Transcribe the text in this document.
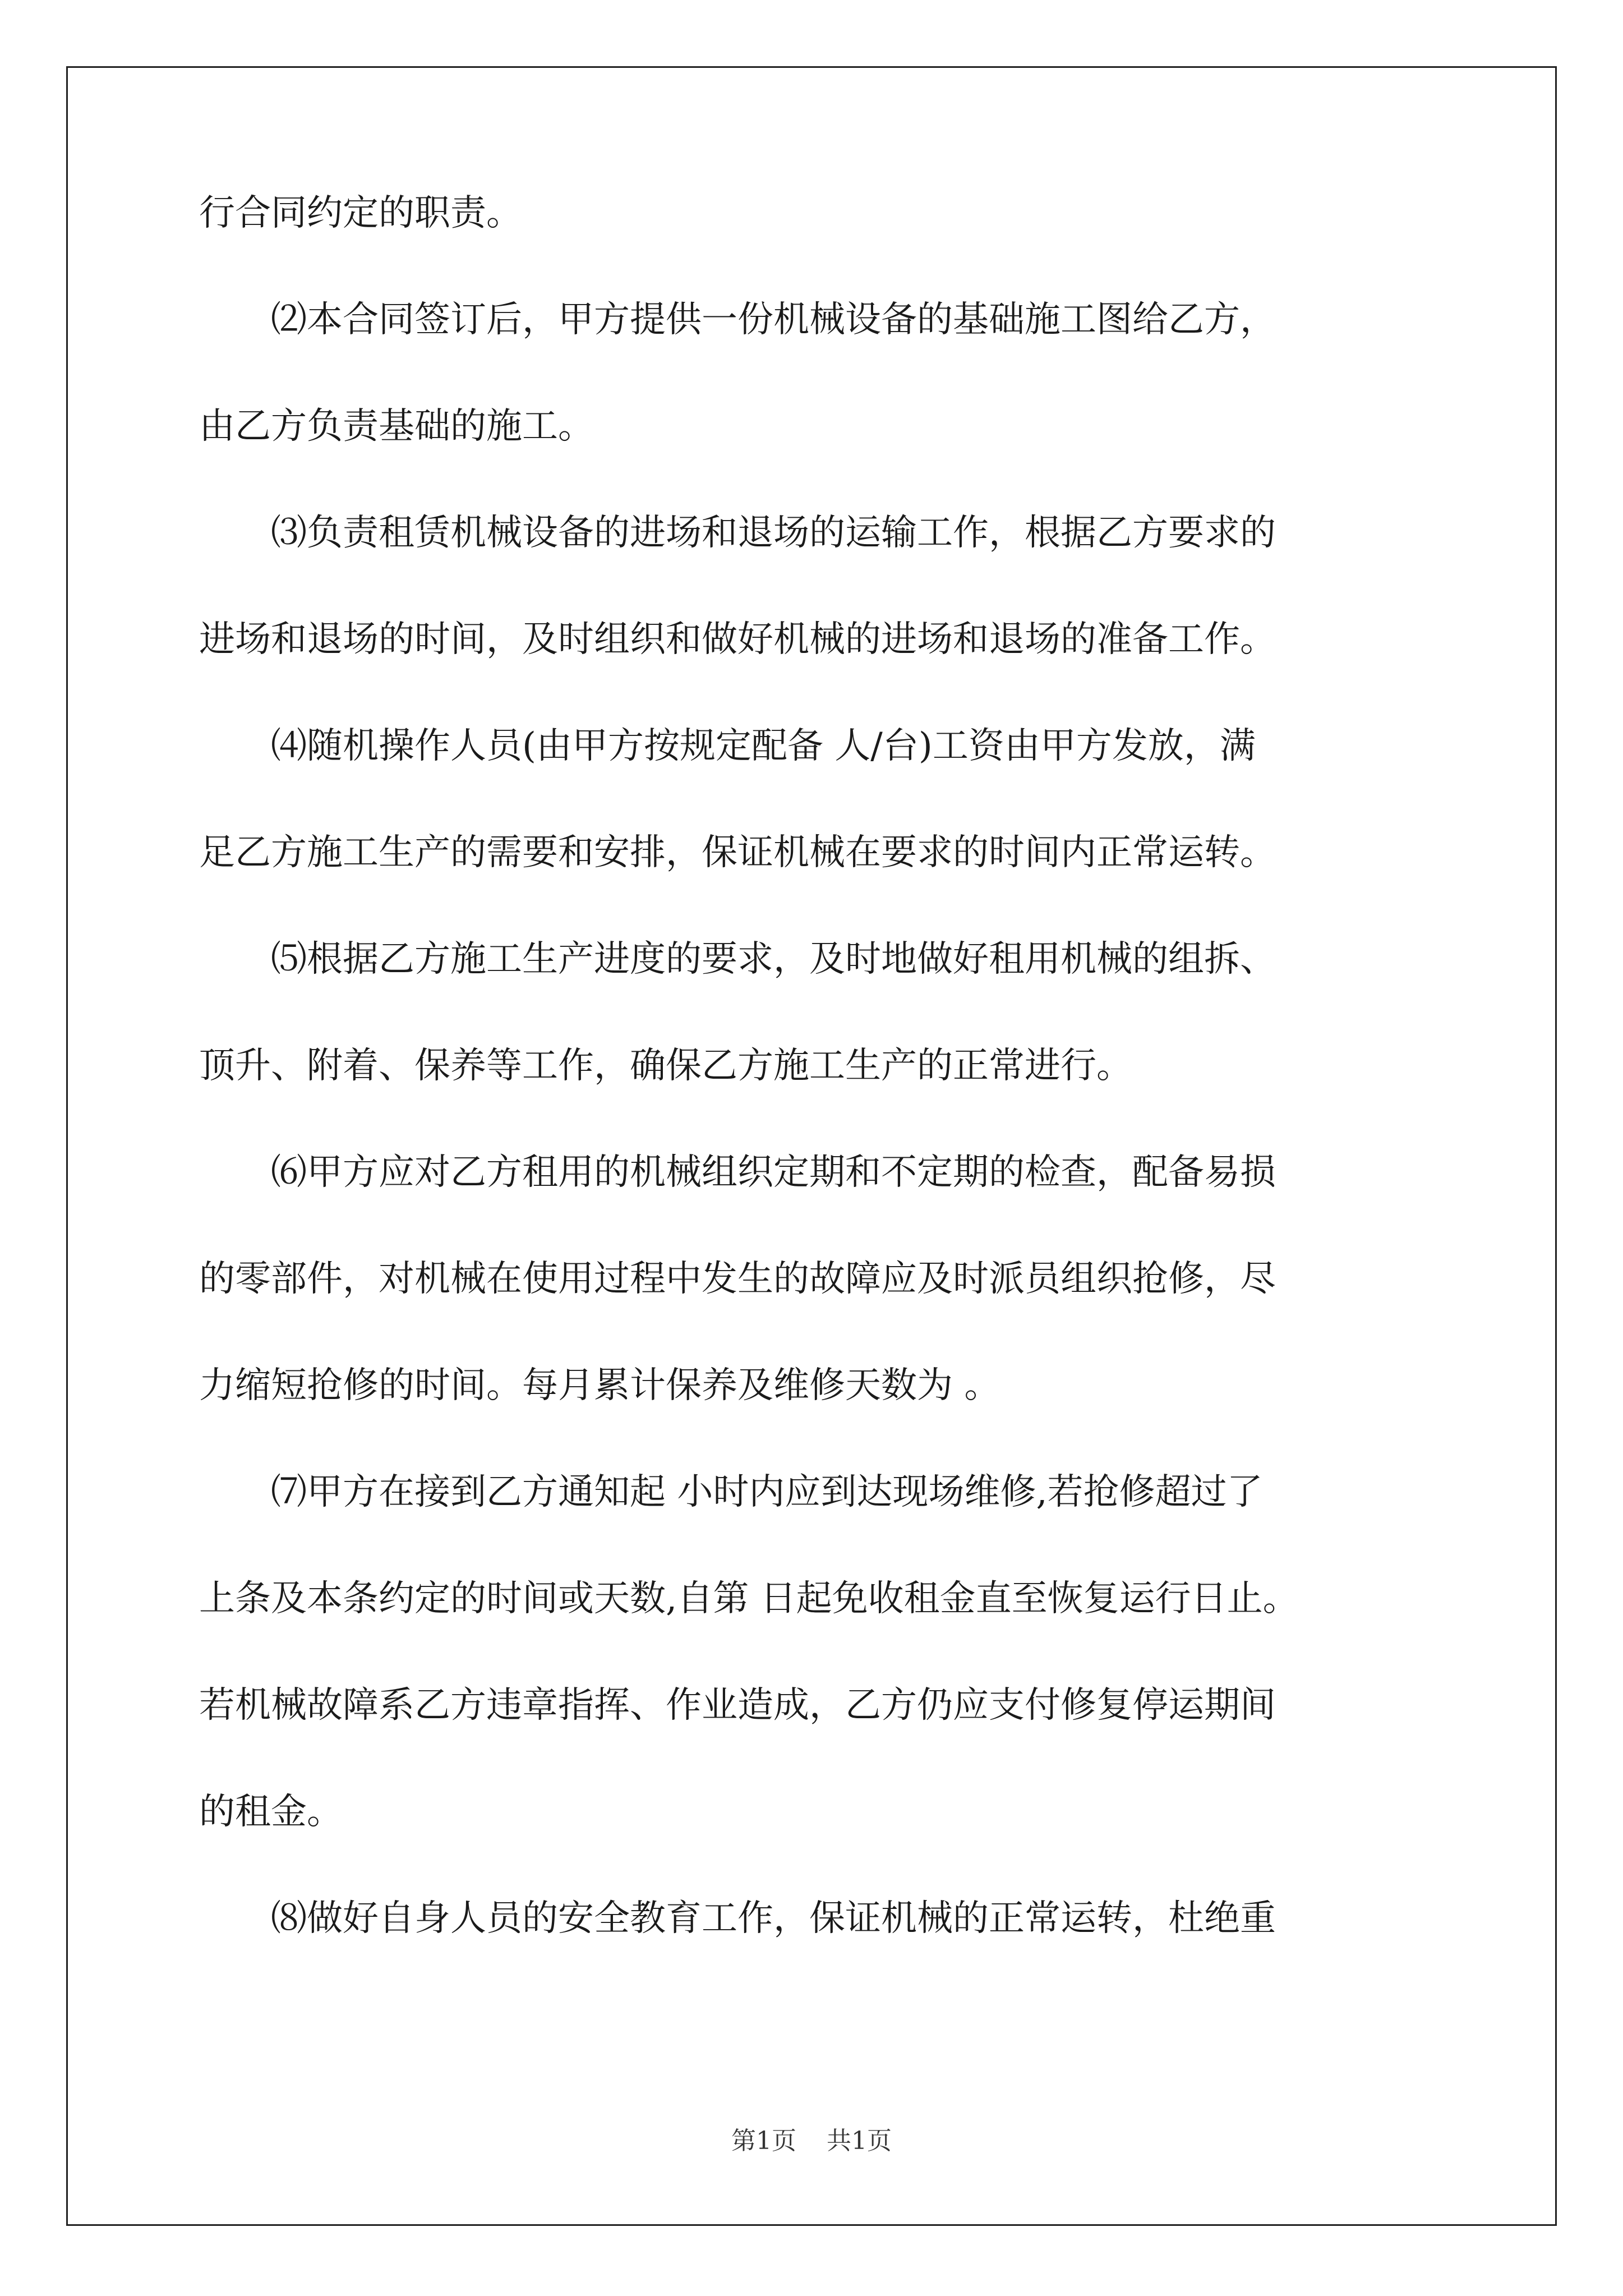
行合同约定的职责。
　　⑵本合同签订后，甲方提供一份机械设备的基础施工图给乙方，
由乙方负责基础的施工。
　　⑶负责租赁机械设备的进场和退场的运输工作，根据乙方要求的
进场和退场的时间，及时组织和做好机械的进场和退场的准备工作。
　　⑷随机操作人员(由甲方按规定配备 人/台)工资由甲方发放，满
足乙方施工生产的需要和安排，保证机械在要求的时间内正常运转。
　　⑸根据乙方施工生产进度的要求，及时地做好租用机械的组拆、
顶升、附着、保养等工作，确保乙方施工生产的正常进行。
　　⑹甲方应对乙方租用的机械组织定期和不定期的检查，配备易损
的零部件，对机械在使用过程中发生的故障应及时派员组织抢修，尽
力缩短抢修的时间。每月累计保养及维修天数为 。
　　⑺甲方在接到乙方通知起 小时内应到达现场维修,若抢修超过了
上条及本条约定的时间或天数,自第 日起免收租金直至恢复运行日止。
若机械故障系乙方违章指挥、作业造成，乙方仍应支付修复停运期间
的租金。
　　⑻做好自身人员的安全教育工作，保证机械的正常运转，杜绝重
第1页 共1页
